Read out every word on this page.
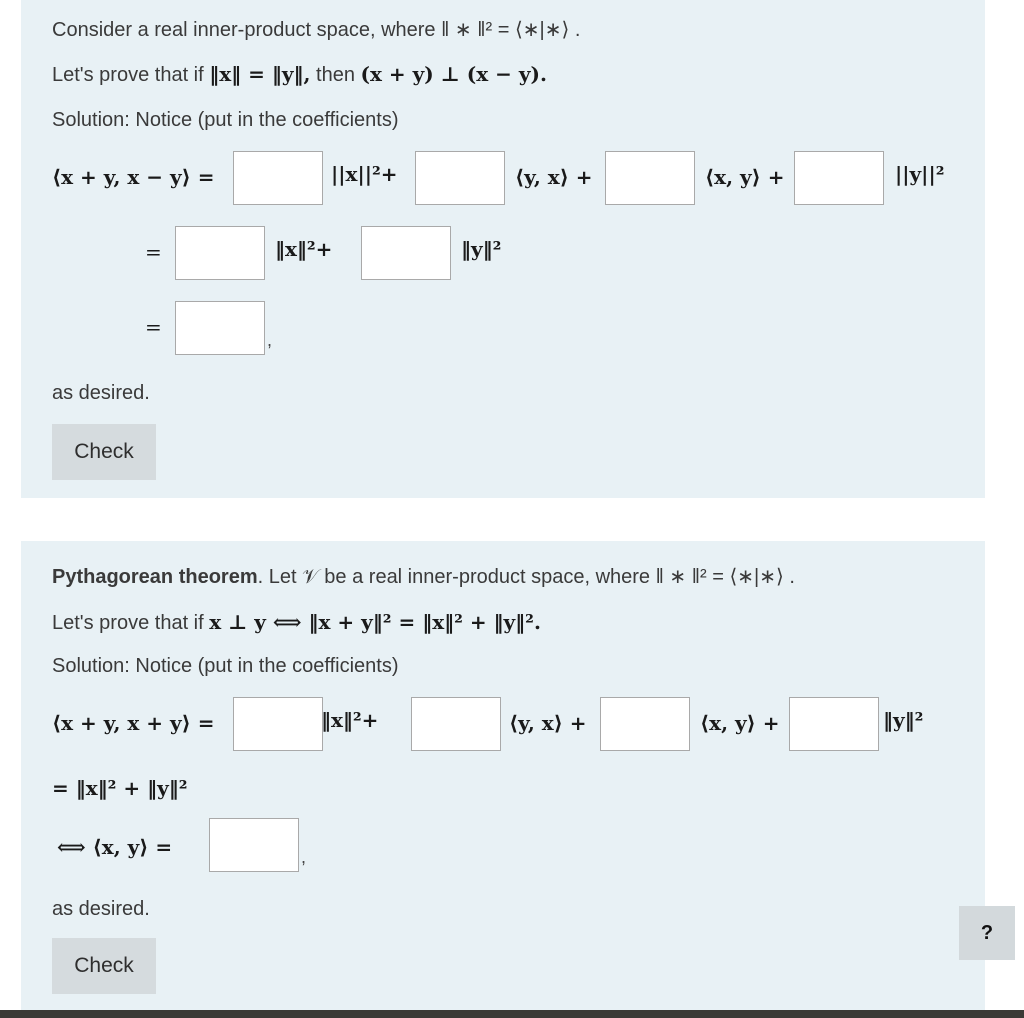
Consider a real inner-product space, where ‖ ∗ ‖² = ⟨∗|∗⟩ .
Let's prove that if ‖x‖ = ‖y‖, then (x + y) ⊥ (x − y).
Solution: Notice (put in the coefficients)
⟨x + y, x − y⟩ =	||x||²+	⟨y, x⟩ +	⟨x, y⟩ +	||y||²
=	‖x‖²+	‖y‖²
=
,
as desired.
Check
Pythagorean theorem. Let 𝒱 be a real inner-product space, where ‖ ∗ ‖² = ⟨∗|∗⟩ .
Let's prove that if x ⊥ y ⟺ ‖x + y‖² = ‖x‖² + ‖y‖².
Solution: Notice (put in the coefficients)
⟨x + y, x + y⟩ =	‖x‖²+	⟨y, x⟩ +	⟨x, y⟩ +	‖y‖²
= ‖x‖² + ‖y‖²
⟺ ⟨x, y⟩ =	,
as desired.
Check
?
